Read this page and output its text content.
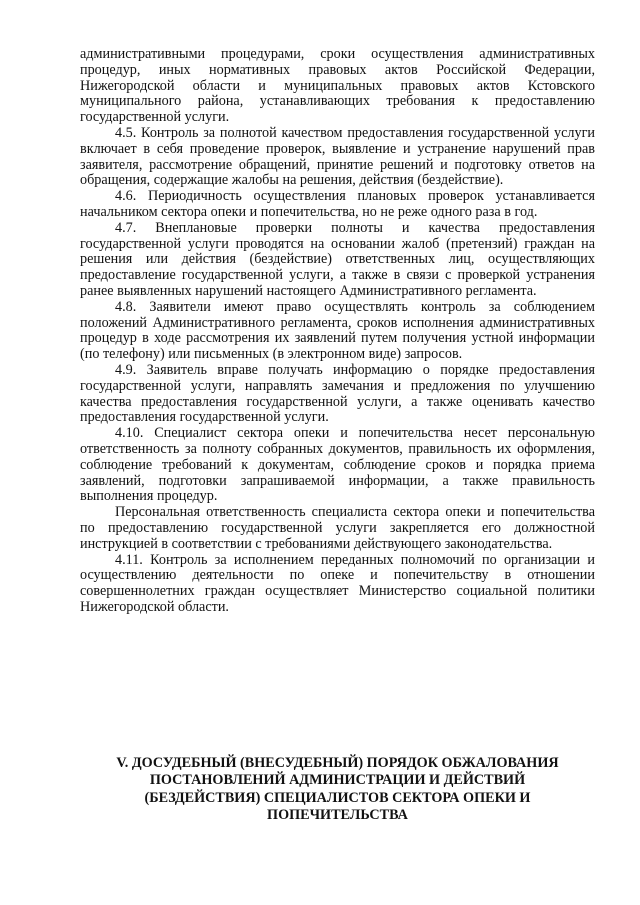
административными процедурами, сроки осуществления административных процедур, иных нормативных правовых актов Российской Федерации, Нижегородской области и муниципальных правовых актов Кстовского муниципального района, устанавливающих требования к предоставлению государственной услуги.

4.5. Контроль за полнотой качеством предоставления государственной услуги включает в себя проведение проверок, выявление и устранение нарушений прав заявителя, рассмотрение обращений, принятие решений и подготовку ответов на обращения, содержащие жалобы на решения, действия (бездействие).

4.6. Периодичность осуществления плановых проверок устанавливается начальником сектора опеки и попечительства, но не реже одного раза в год.

4.7. Внеплановые проверки полноты и качества предоставления государственной услуги проводятся на основании жалоб (претензий) граждан на решения или действия (бездействие) ответственных лиц, осуществляющих предоставление государственной услуги, а также в связи с проверкой устранения ранее выявленных нарушений настоящего Административного регламента.

4.8. Заявители имеют право осуществлять контроль за соблюдением положений Административного регламента, сроков исполнения административных процедур в ходе рассмотрения их заявлений путем получения устной информации (по телефону) или письменных (в электронном виде) запросов.

4.9. Заявитель вправе получать информацию о порядке предоставления государственной услуги, направлять замечания и предложения по улучшению качества предоставления государственной услуги, а также оценивать качество предоставления государственной услуги.

4.10. Специалист сектора опеки и попечительства несет персональную ответственность за полноту собранных документов, правильность их оформления, соблюдение требований к документам, соблюдение сроков и порядка приема заявлений, подготовки запрашиваемой информации, а также правильность выполнения процедур.

Персональная ответственность специалиста сектора опеки и попечительства по предоставлению государственной услуги закрепляется его должностной инструкцией в соответствии с требованиями действующего законодательства.

4.11. Контроль за исполнением переданных полномочий по организации и осуществлению деятельности по опеке и попечительству в отношении совершеннолетних граждан осуществляет Министерство социальной политики Нижегородской области.

V. ДОСУДЕБНЫЙ (ВНЕСУДЕБНЫЙ) ПОРЯДОК ОБЖАЛОВАНИЯ
ПОСТАНОВЛЕНИЙ АДМИНИСТРАЦИИ И ДЕЙСТВИЙ
(БЕЗДЕЙСТВИЯ) СПЕЦИАЛИСТОВ СЕКТОРА ОПЕКИ И
ПОПЕЧИТЕЛЬСТВА
